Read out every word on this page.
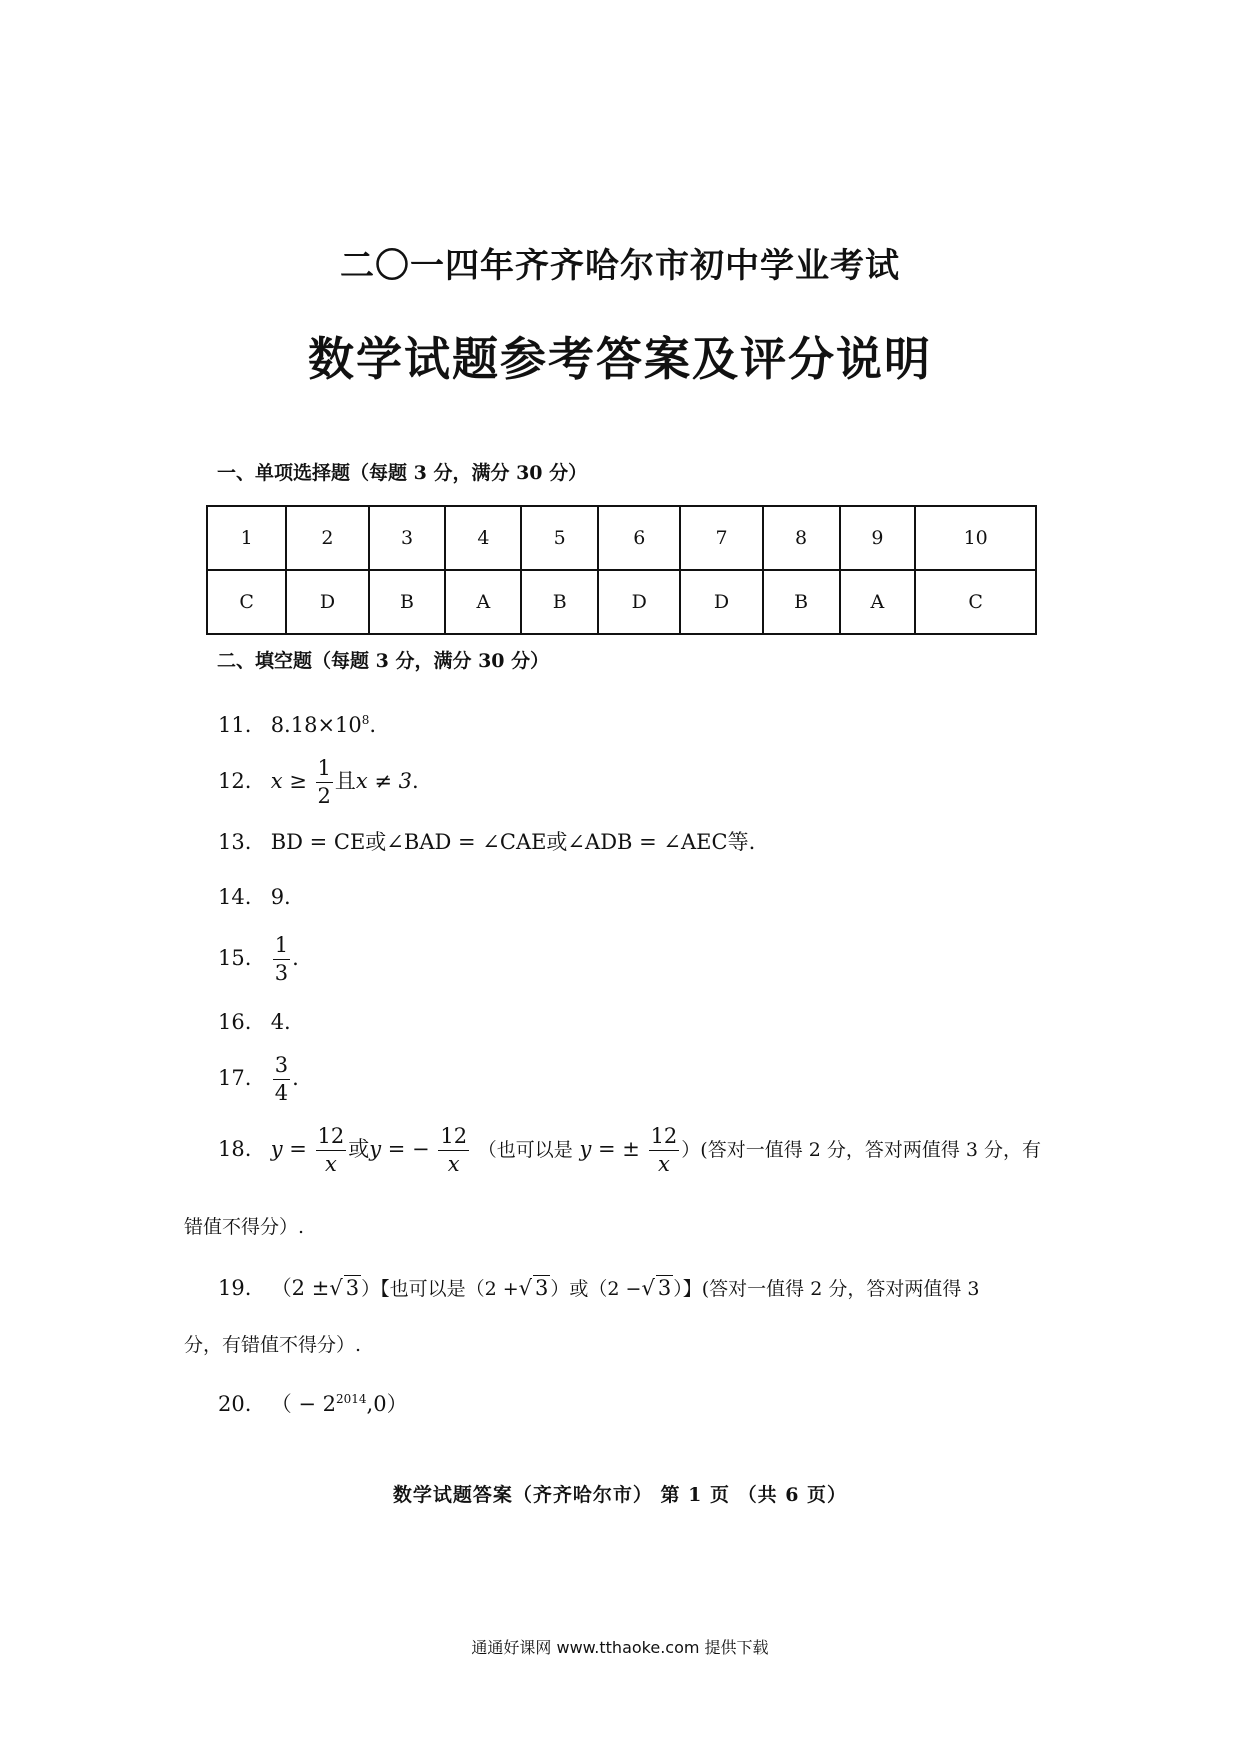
二〇一四年齐齐哈尔市初中学业考试
数学试题参考答案及评分说明
一、单项选择题（每题 3 分，满分 30 分）
1	2	3	4	5	6	7	8	9	10
C	D	B	A	B	D	D	B	A	C
二、填空题（每题 3 分，满分 30 分）
11. $8.18\times 10^8$.
12. $x \ge \frac{1}{2}$ 且x ≠ 3.
13. BD = CE或∠BAD = ∠CAE或∠ADB = ∠AEC等.
14. 9.
15. $\frac{1}{3}$ .
16. 4.
17. $\frac{3}{4}$ .
18. $y = \frac{12}{x}$ 或y = − $\frac{12}{x}$ （也可以是 y = ± $\frac{12}{x}$ ）(答对一值得 2 分，答对两值得 3 分，有
错值不得分）.
19. （2 ±√ 3 ）【也可以是（2 +√ 3 ）或（2 −√ 3 ）】(答对一值得 2 分，答对两值得 3
分，有错值不得分）.
20. （ − $2^{2014},0$）
数学试题答案（齐齐哈尔市） 第 1 页 （共 6 页）
通通好课网 www.tthaoke.com 提供下载
